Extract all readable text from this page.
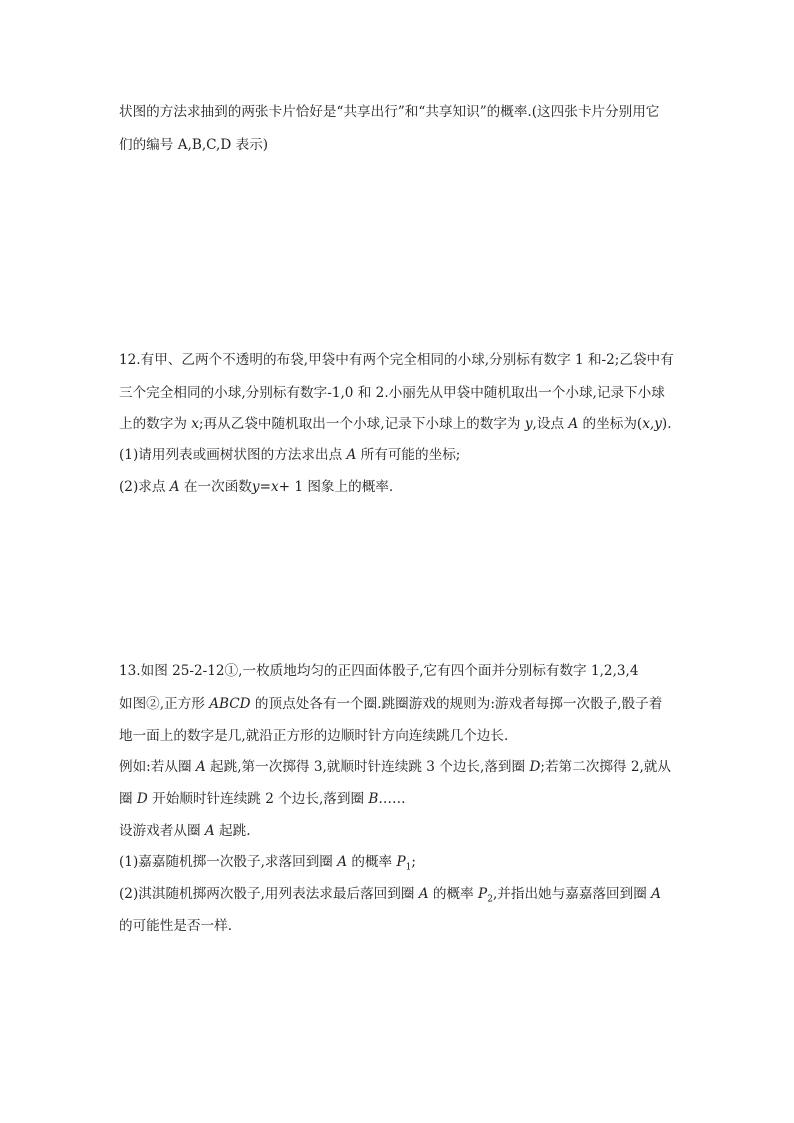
状图的方法求抽到的两张卡片恰好是“共享出行”和“共享知识”的概率.(这四张卡片分别用它
们的编号 A,B,C,D 表示)
12.有甲、乙两个不透明的布袋,甲袋中有两个完全相同的小球,分别标有数字 1 和-2;乙袋中有
三个完全相同的小球,分别标有数字-1,0 和 2.小丽先从甲袋中随机取出一个小球,记录下小球
上的数字为 x;再从乙袋中随机取出一个小球,记录下小球上的数字为 y,设点 A 的坐标为(x,y).
(1)请用列表或画树状图的方法求出点 A 所有可能的坐标;
(2)求点 A 在一次函数y=x+ 1 图象上的概率.
13.如图 25-2-12①,一枚质地均匀的正四面体骰子,它有四个面并分别标有数字 1,2,3,4
如图②,正方形 ABCD 的顶点处各有一个圈.跳圈游戏的规则为:游戏者每掷一次骰子,骰子着
地一面上的数字是几,就沿正方形的边顺时针方向连续跳几个边长.
例如:若从圈 A 起跳,第一次掷得 3,就顺时针连续跳 3 个边长,落到圈 D;若第二次掷得 2,就从
圈 D 开始顺时针连续跳 2 个边长,落到圈 B……
设游戏者从圈 A 起跳.
(1)嘉嘉随机掷一次骰子,求落回到圈 A 的概率 $P_1$;
(2)淇淇随机掷两次骰子,用列表法求最后落回到圈 A 的概率 $P_2$,并指出她与嘉嘉落回到圈 A
的可能性是否一样.
